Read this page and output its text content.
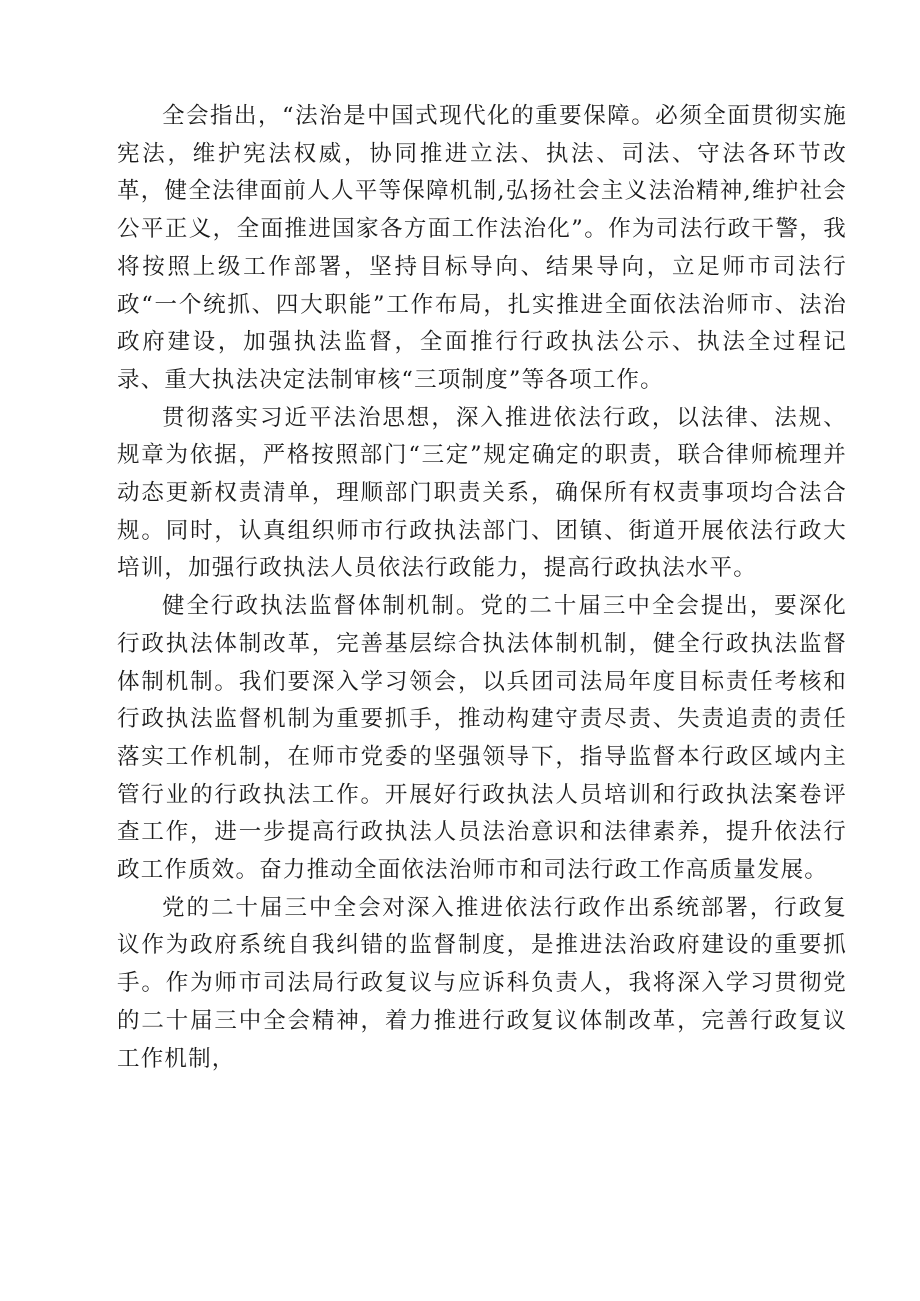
全会指出，“法治是中国式现代化的重要保障。必须全面贯彻实施宪法，维护宪法权威，协同推进立法、执法、司法、守法各环节改革，健全法律面前人人平等保障机制,弘扬社会主义法治精神,维护社会公平正义，全面推进国家各方面工作法治化”。作为司法行政干警，我将按照上级工作部署，坚持目标导向、结果导向，立足师市司法行政“一个统抓、四大职能”工作布局，扎实推进全面依法治师市、法治政府建设，加强执法监督，全面推行行政执法公示、执法全过程记录、重大执法决定法制审核“三项制度”等各项工作。

贯彻落实习近平法治思想，深入推进依法行政，以法律、法规、规章为依据，严格按照部门“三定”规定确定的职责，联合律师梳理并动态更新权责清单，理顺部门职责关系，确保所有权责事项均合法合规。同时，认真组织师市行政执法部门、团镇、街道开展依法行政大培训，加强行政执法人员依法行政能力，提高行政执法水平。

健全行政执法监督体制机制。党的二十届三中全会提出，要深化行政执法体制改革，完善基层综合执法体制机制，健全行政执法监督体制机制。我们要深入学习领会，以兵团司法局年度目标责任考核和行政执法监督机制为重要抓手，推动构建守责尽责、失责追责的责任落实工作机制，在师市党委的坚强领导下，指导监督本行政区域内主管行业的行政执法工作。开展好行政执法人员培训和行政执法案卷评查工作，进一步提高行政执法人员法治意识和法律素养，提升依法行政工作质效。奋力推动全面依法治师市和司法行政工作高质量发展。

党的二十届三中全会对深入推进依法行政作出系统部署，行政复议作为政府系统自我纠错的监督制度，是推进法治政府建设的重要抓手。作为师市司法局行政复议与应诉科负责人，我将深入学习贯彻党的二十届三中全会精神，着力推进行政复议体制改革，完善行政复议工作机制，
